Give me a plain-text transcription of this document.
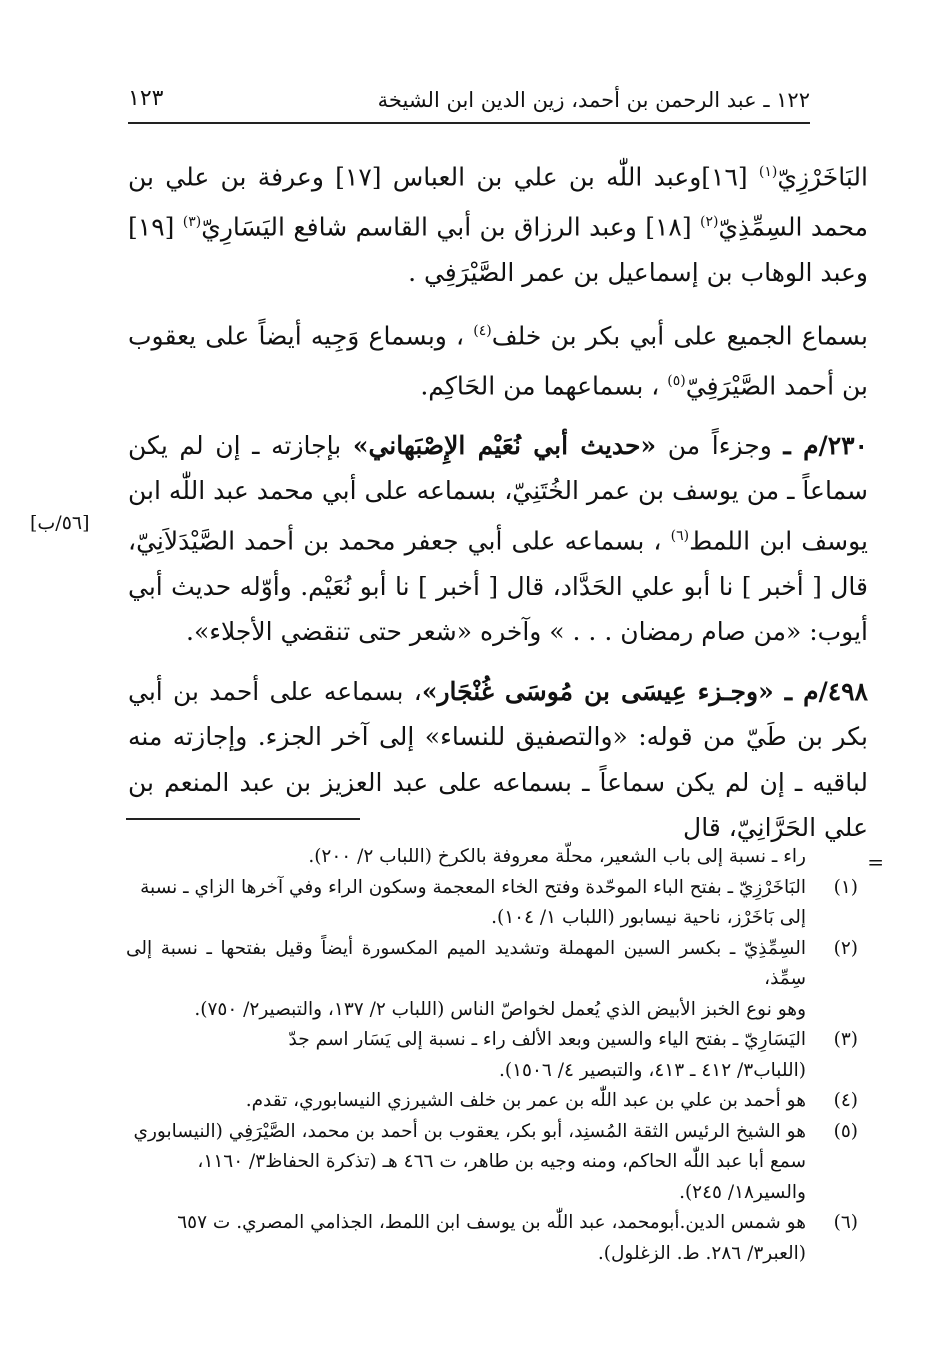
١٢٢ ـ عبد الرحمن بن أحمد، زين الدين ابن الشيخة
١٢٣
[٥٦/ب]

البَاخَرْزِيّ$^{(١)}$ [١٦]وعبد اللّٰه بن علي بن العباس [١٧] وعرفة بن علي بن محمد السِمِّذِيّ$^{(٢)}$ [١٨] وعبد الرزاق بن أبي القاسم شافع اليَسَارِيّ$^{(٣)}$ [١٩] وعبد الوهاب بن إسماعيل بن عمر الصَّيْرَفِي .

بسماع الجميع على أبي بكر بن خلف$^{(٤)}$ ، وبسماع وَجِيه أيضاً على يعقوب بن أحمد الصَّيْرَفِيّ$^{(٥)}$ ، بسماعهما من الحَاكِم.

٢٣٠/م ـ وجزءاً من «حديث أبي نُعَيْم الإِصْبَهاني» بإجازته ـ إن لم يكن سماعاً ـ من يوسف بن عمر الخُتَنِيّ، بسماعه على أبي محمد عبد اللّٰه ابن يوسف ابن اللمط$^{(٦)}$ ، بسماعه على أبي جعفر محمد بن أحمد الصَّيْدَلاَنِيّ، قال [ أخبر ] نا أبو علي الحَدَّاد، قال [ أخبر ] نا أبو نُعَيْم. وأوّله حديث أبي أيوب: «من صام رمضان . . . » وآخره «شعر حتى تنقضي الأجلاء».

٤٩٨/م ـ «وجـزء عِيسَى بن مُوسَى غُنْجَار»، بسماعه على أحمد بن أبي بكر بن طَيّ من قوله: «والتصفيق للنساء» إلى آخر الجزء. وإجازته منه لباقيه ـ إن لم يكن سماعاً ـ بسماعه على عبد العزيز بن عبد المنعم بن علي الحَرَّانِيّ، قال

=
راء ـ نسبة إلى باب الشعير، محلّة معروفة بالكرخ (اللباب ٢/ ٢٠٠).
(١)
البَاخَرْزِيّ ـ بفتح الباء الموحّدة وفتح الخاء المعجمة وسكون الراء وفي آخرها الزاي ـ نسبة
إلى بَاخَرْز، ناحية نيسابور (اللباب ١/ ١٠٤).
(٢)
السِمِّذِيّ ـ بكسر السين المهملة وتشديد الميم المكسورة أيضاً وقيل بفتحها ـ نسبة إلى سِمِّذ،
وهو نوع الخبز الأبيض الذي يُعمل لخواصّ الناس (اللباب ٢/ ١٣٧، والتبصير٢/ ٧٥٠).
(٣)
اليَسَارِيّ ـ بفتح الياء والسين وبعد الألف راء ـ نسبة إلى يَسَار اسم جدّ
(اللباب٣/ ٤١٢ ـ ٤١٣، والتبصير ٤/ ١٥٠٦).
(٤)
هو أحمد بن علي بن عبد اللّٰه بن عمر بن خلف الشيرزي النيسابوري، تقدم.
(٥)
هو الشيخ الرئيس الثقة المُسنِد، أبو بكر، يعقوب بن أحمد بن محمد، الصَّيْرَفِي (النيسابوري
سمع أبا عبد اللّٰه الحاكم، ومنه وجيه بن طاهر، ت ٤٦٦ هـ (تذكرة الحفاظ٣/ ١١٦٠،
والسير١٨/ ٢٤٥).
(٦)
هو شمس الدين.أبومحمد، عبد اللّٰه بن يوسف ابن اللمط، الجذامي المصري. ت ٦٥٧
(العبر٣/ ٢٨٦. ط. الزغلول).
